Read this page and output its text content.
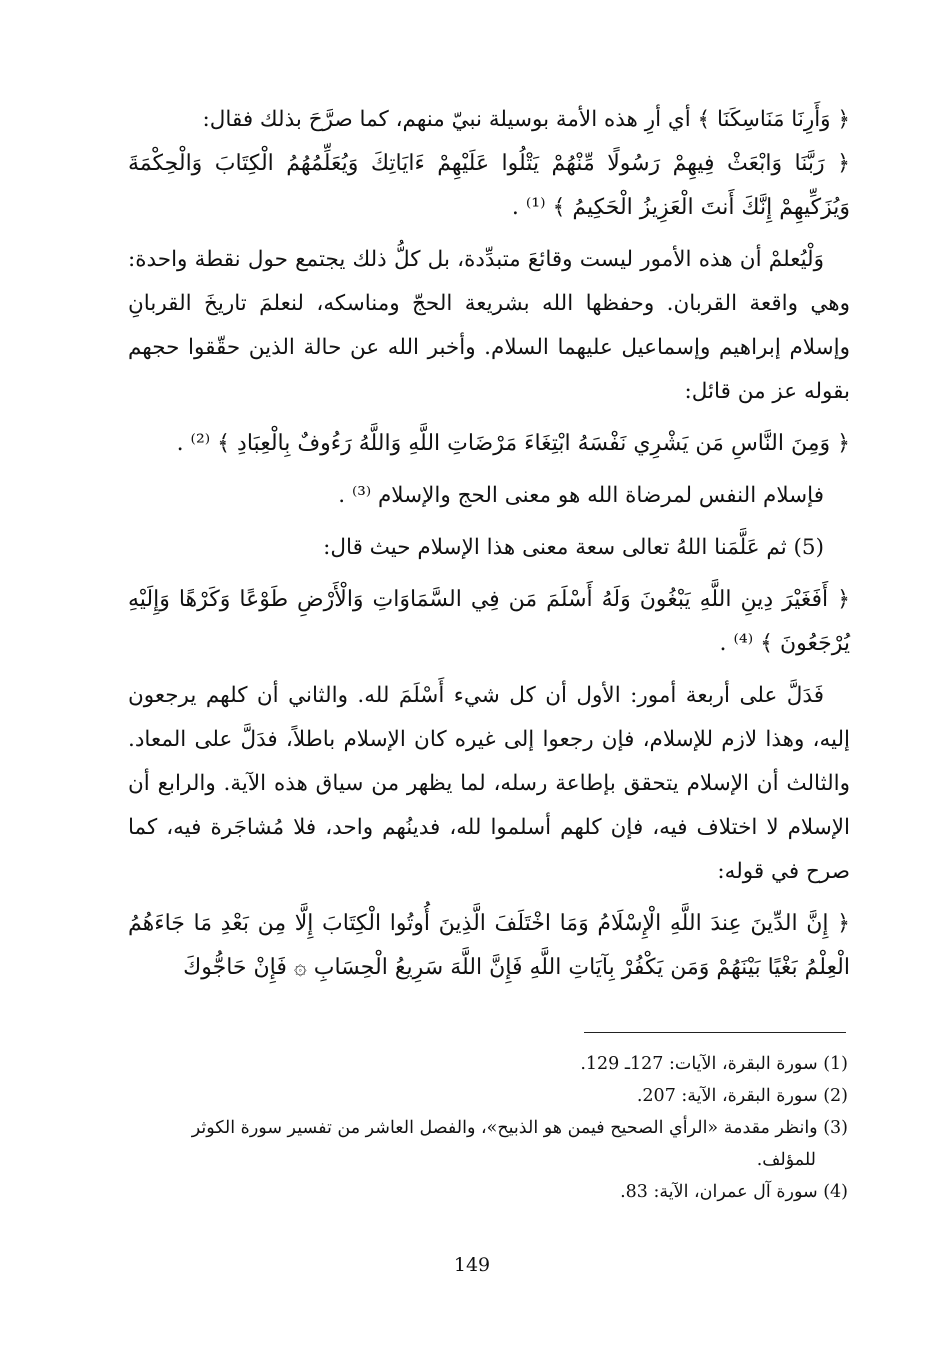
﴿ وَأَرِنَا مَنَاسِكَنَا ﴾ أي أرِ هذه الأمة بوسيلة نبيّ منهم، كما صرَّحَ بذلك فقال:

﴿ رَبَّنَا وَابْعَثْ فِيهِمْ رَسُولًا مِّنْهُمْ يَتْلُوا عَلَيْهِمْ ءَايَاتِكَ وَيُعَلِّمُهُمُ الْكِتَابَ وَالْحِكْمَةَ وَيُزَكِّيهِمْ إِنَّكَ أَنتَ الْعَزِيزُ الْحَكِيمُ ﴾ ⁽¹⁾ .

وَلْيُعلمْ أن هذه الأمور ليست وقائعَ متبدِّدة، بل كلُّ ذلك يجتمع حول نقطة واحدة: وهي واقعة القربان. وحفظها الله بشريعة الحجّ ومناسكه، لنعلمَ تاريخَ القربانِ وإسلام إبراهيم وإسماعيل عليهما السلام. وأخبر الله عن حالة الذين حقّقوا حجهم بقوله عز من قائل:

﴿ وَمِنَ النَّاسِ مَن يَشْرِي نَفْسَهُ ابْتِغَاءَ مَرْضَاتِ اللَّهِ وَاللَّهُ رَءُوفٌ بِالْعِبَادِ ﴾ ⁽²⁾ .

فإسلام النفس لمرضاة الله هو معنى الحج والإسلام ⁽³⁾ .

(5) ثم عَلَّمَنا اللهُ تعالى سعة معنى هذا الإسلام حيث قال:

﴿ أَفَغَيْرَ دِينِ اللَّهِ يَبْغُونَ وَلَهُ أَسْلَمَ مَن فِي السَّمَاوَاتِ وَالْأَرْضِ طَوْعًا وَكَرْهًا وَإِلَيْهِ يُرْجَعُونَ ﴾ ⁽⁴⁾ .

فَدَلَّ على أربعة أمور: الأول أن كل شيء أَسْلَمَ لله. والثاني أن كلهم يرجعون إليه، وهذا لازم للإسلام، فإن رجعوا إلى غيره كان الإسلام باطلاً، فدَلَّ على المعاد. والثالث أن الإسلام يتحقق بإطاعة رسله، لما يظهر من سياق هذه الآية. والرابع أن الإسلام لا اختلاف فيه، فإن كلهم أسلموا لله، فدينُهم واحد، فلا مُشاجَرة فيه، كما صرح في قوله:

﴿ إِنَّ الدِّينَ عِندَ اللَّهِ الْإِسْلَامُ وَمَا اخْتَلَفَ الَّذِينَ أُوتُوا الْكِتَابَ إِلَّا مِن بَعْدِ مَا جَاءَهُمُ الْعِلْمُ بَغْيًا بَيْنَهُمْ وَمَن يَكْفُرْ بِآيَاتِ اللَّهِ فَإِنَّ اللَّهَ سَرِيعُ الْحِسَابِ ۞ فَإِنْ حَاجُّوكَ

(1) سورة البقرة، الآيات: 127ـ 129.

(2) سورة البقرة، الآية: 207.

(3) وانظر مقدمة «الرأي الصحيح فيمن هو الذبيح»، والفصل العاشر من تفسير سورة الكوثر

للمؤلف.

(4) سورة آل عمران، الآية: 83.

149
